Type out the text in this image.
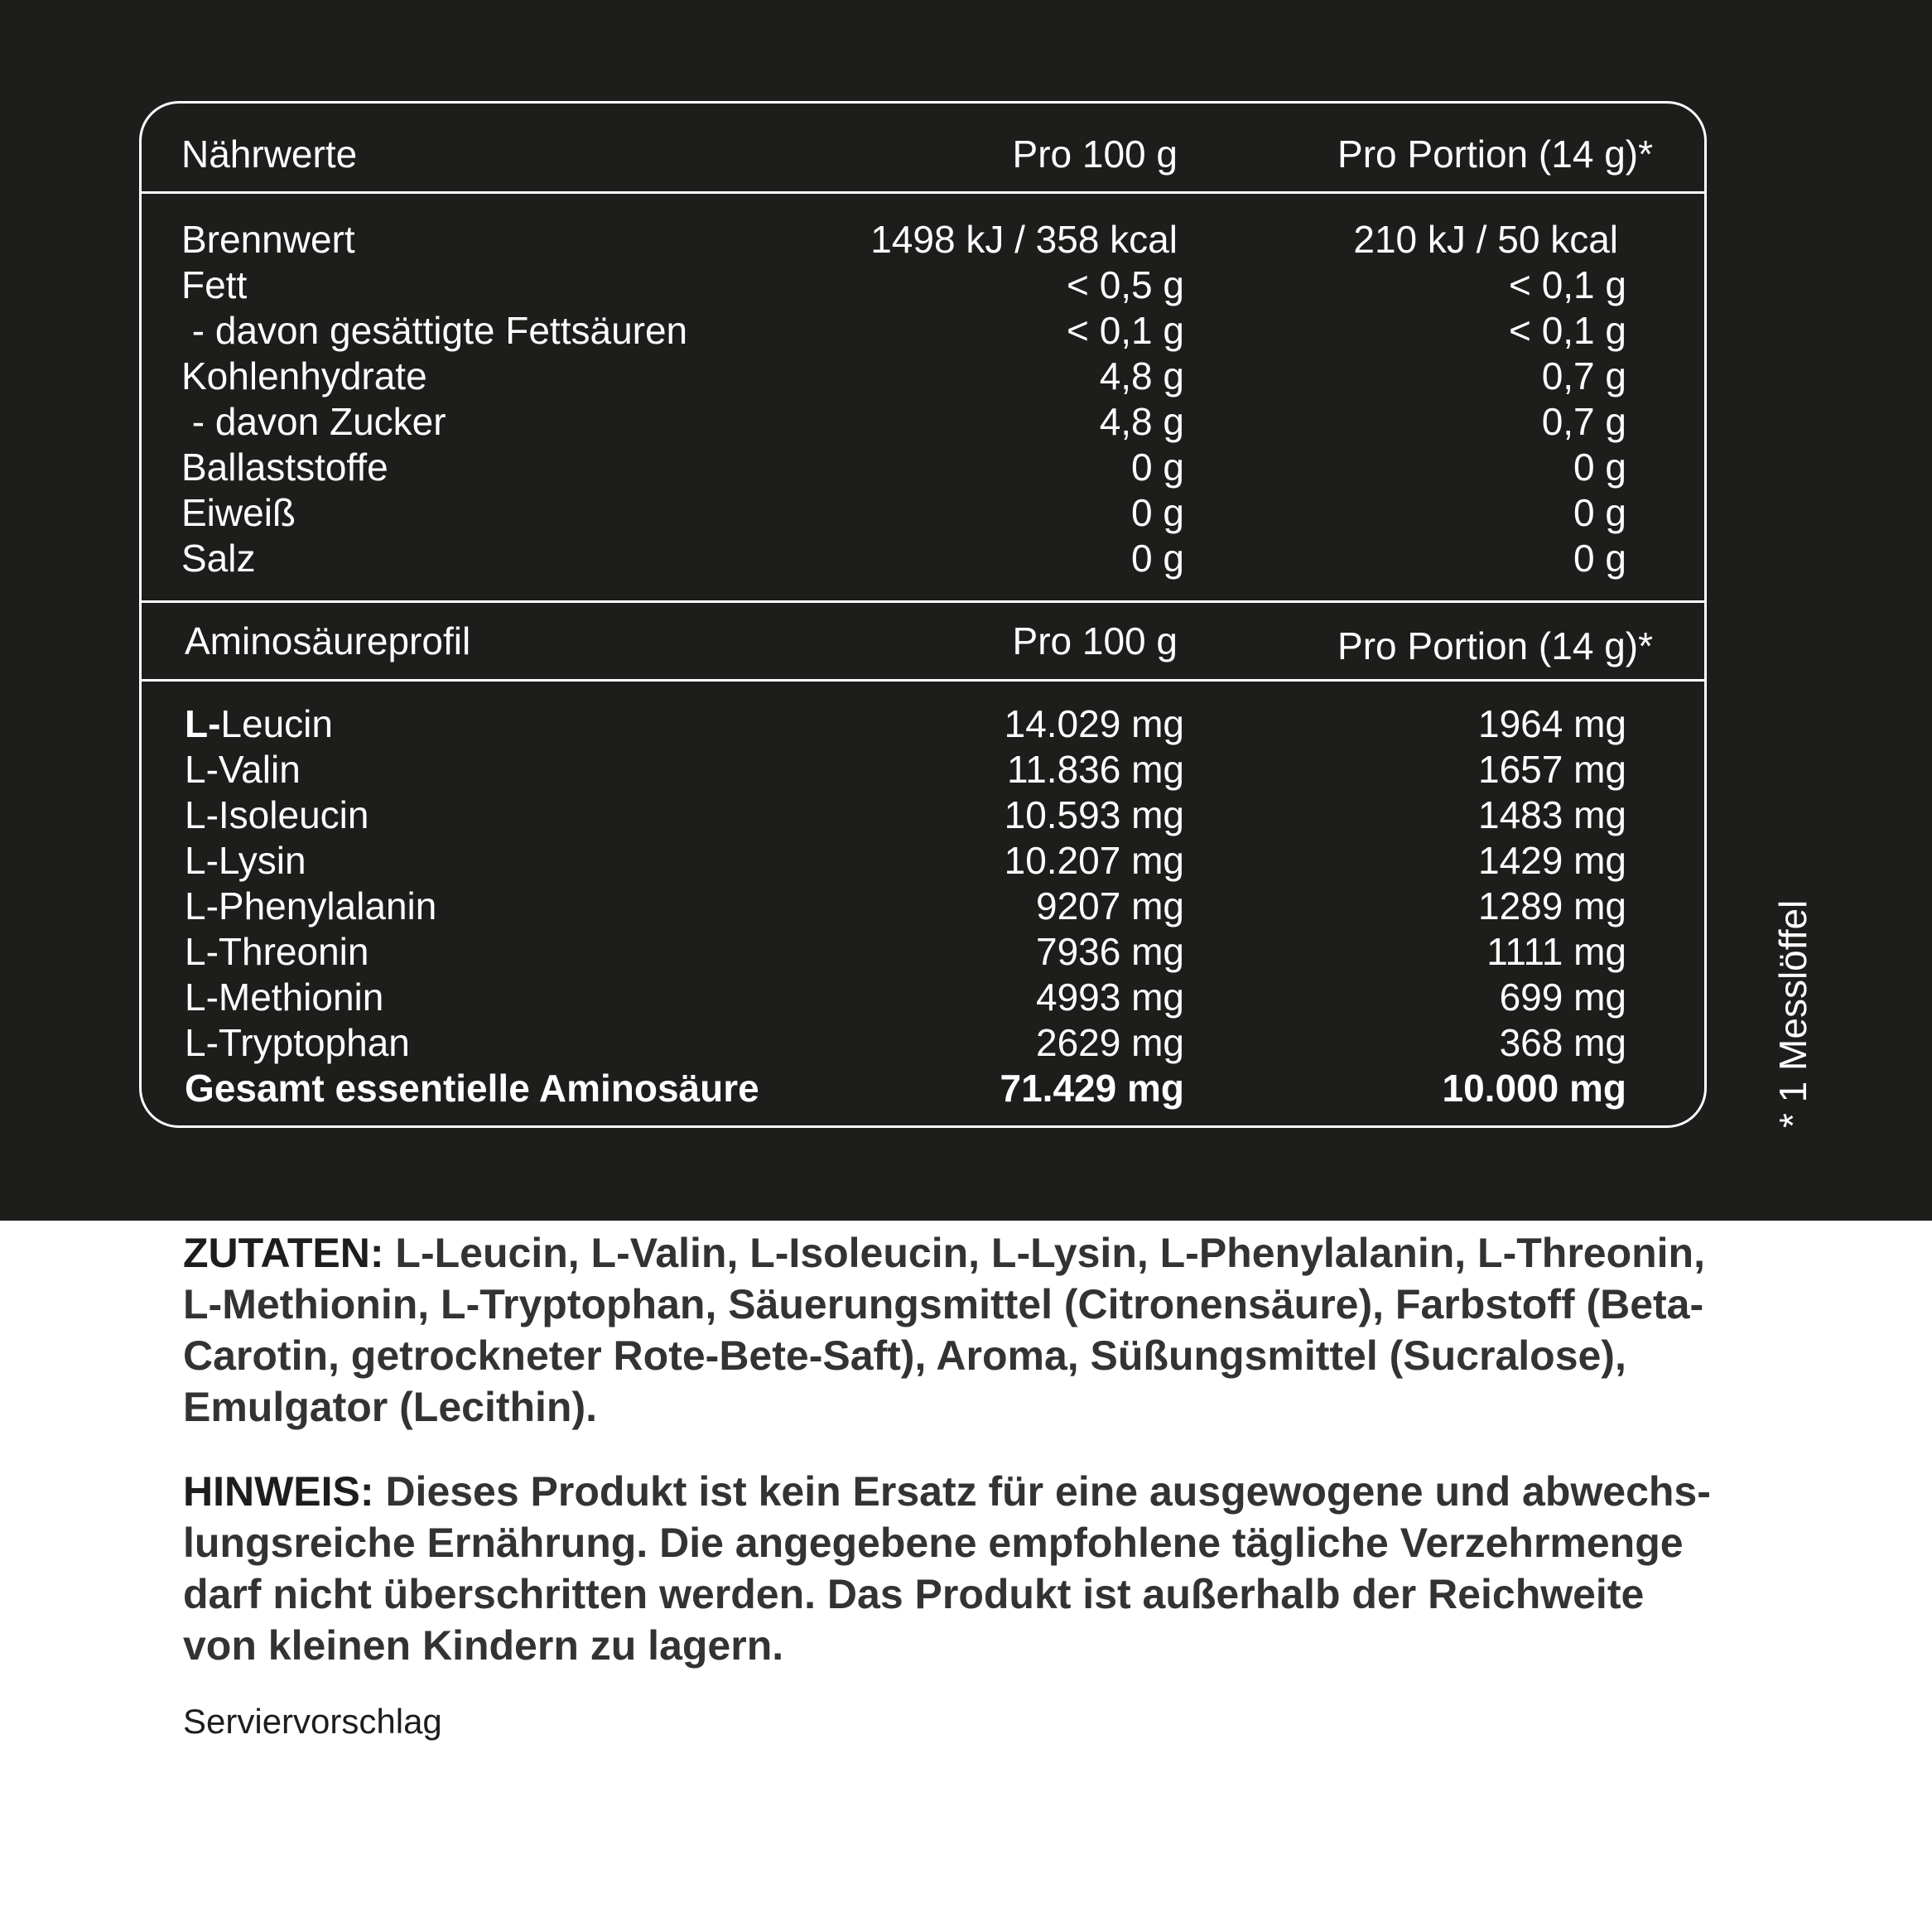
Nährwerte	Pro 100 g	Pro Portion (14 g)*
Brennwert	1498 kJ / 358 kcal	210 kJ / 50 kcal
Fett	< 0,5 g	< 0,1 g
- davon gesättigte Fettsäuren	< 0,1 g	< 0,1 g
Kohlenhydrate	4,8 g	0,7 g
- davon Zucker	4,8 g	0,7 g
Ballaststoffe	0 g	0 g
Eiweiß	0 g	0 g
Salz	0 g	0 g
Aminosäureprofil	Pro 100 g	Pro Portion (14 g)*
L-Leucin	14.029 mg	1964 mg
L-Valin	11.836 mg	1657 mg
L-Isoleucin	10.593 mg	1483 mg
L-Lysin	10.207 mg	1429 mg
L-Phenylalanin	9207 mg	1289 mg
L-Threonin	7936 mg	1111 mg
L-Methionin	4993 mg	699 mg
L-Tryptophan	2629 mg	368 mg
Gesamt essentielle Aminosäure	71.429 mg	10.000 mg	* 1 Messlöffel
ZUTATEN: L-Leucin, L-Valin, L-Isoleucin, L-Lysin, L-Phenylalanin, L-Threonin, L-Methionin, L-Tryptophan, Säuerungsmittel (Citronensäure), Farbstoff (Beta-Carotin, getrockneter Rote-Bete-Saft), Aroma, Süßungsmittel (Sucralose), Emulgator (Lecithin).
HINWEIS: Dieses Produkt ist kein Ersatz für eine ausgewogene und abwechs-lungsreiche Ernährung. Die angegebene empfohlene tägliche Verzehrmenge darf nicht überschritten werden. Das Produkt ist außerhalb der Reichweite von kleinen Kindern zu lagern.
Serviervorschlag
